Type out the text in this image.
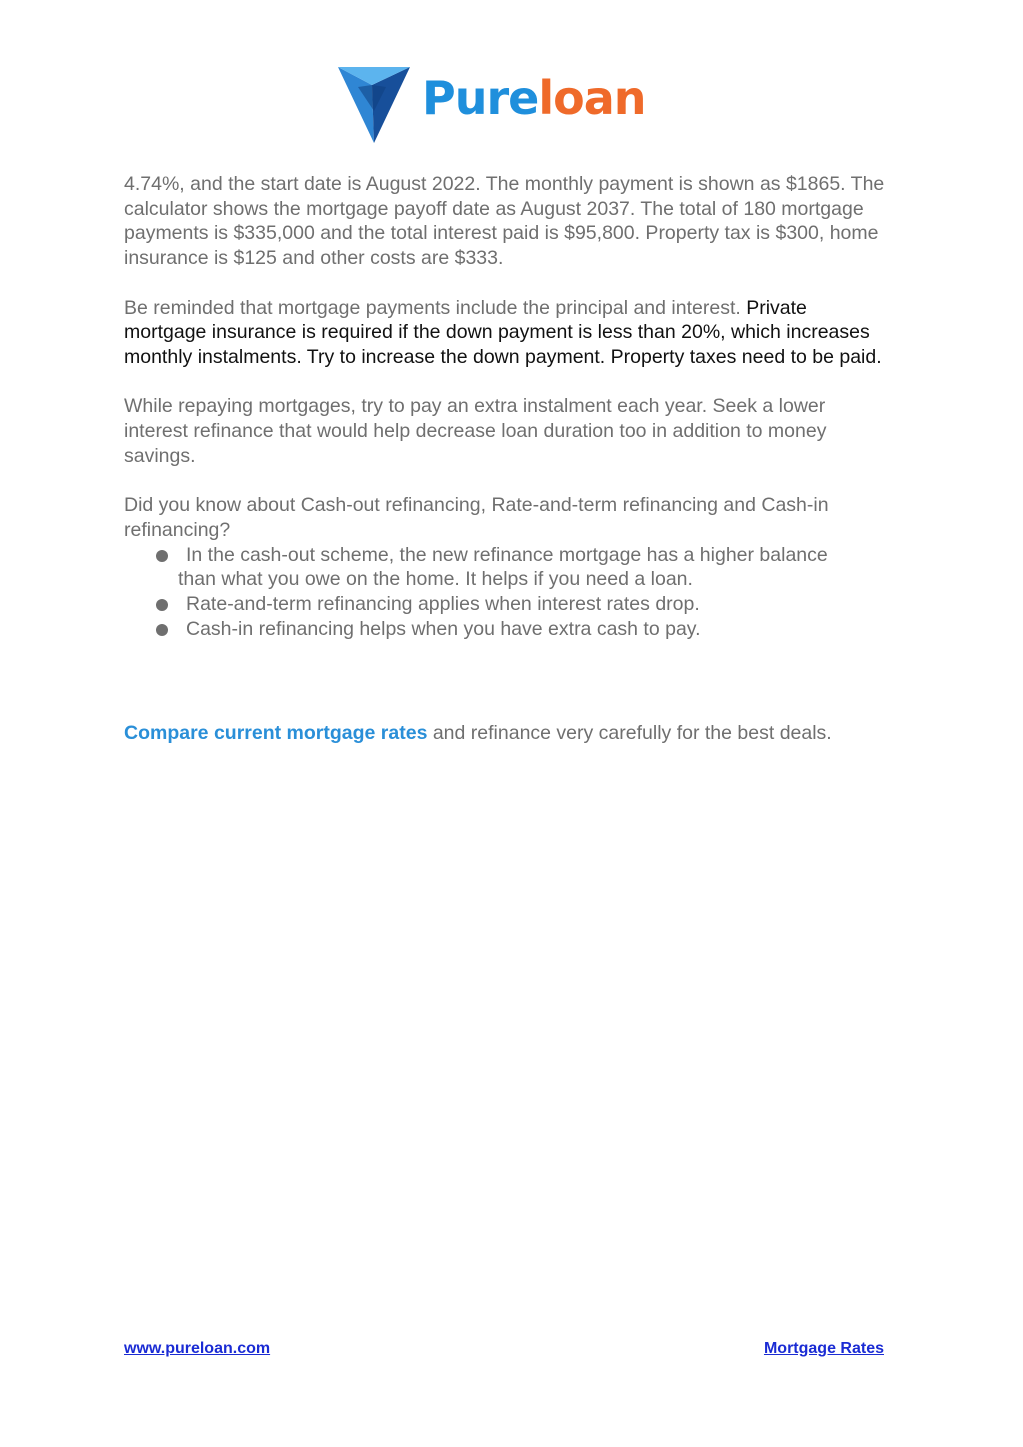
Pureloan

4.74%, and the start date is August 2022. The monthly payment is shown as $1865. The calculator shows the mortgage payoff date as August 2037. The total of 180 mortgage payments is $335,000 and the total interest paid is $95,800. Property tax is $300, home insurance is $125 and other costs are $333.

Be reminded that mortgage payments include the principal and interest. Private mortgage insurance is required if the down payment is less than 20%, which increases monthly instalments. Try to increase the down payment. Property taxes need to be paid.

While repaying mortgages, try to pay an extra instalment each year. Seek a lower interest refinance that would help decrease loan duration too in addition to money savings.

Did you know about Cash-out refinancing, Rate-and-term refinancing and Cash-in refinancing?
In the cash-out scheme, the new refinance mortgage has a higher balance
than what you owe on the home. It helps if you need a loan.
Rate-and-term refinancing applies when interest rates drop.
Cash-in refinancing helps when you have extra cash to pay.
Compare current mortgage rates and refinance very carefully for the best deals.
www.pureloan.com	Mortgage Rates
